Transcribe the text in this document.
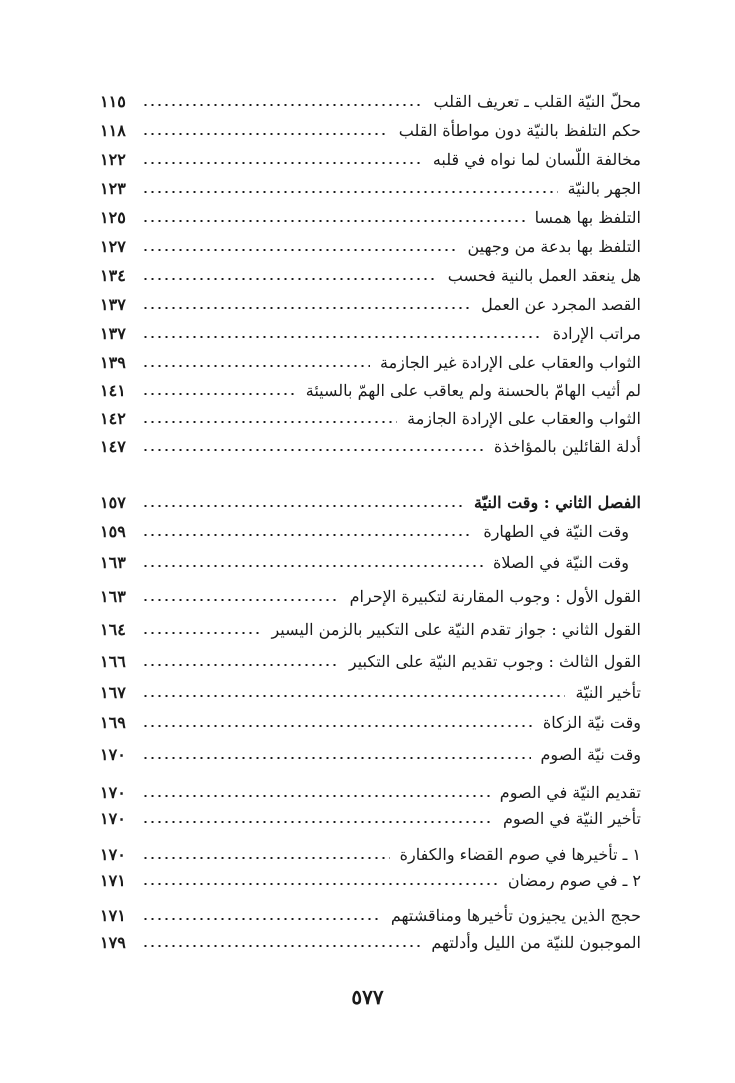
محلّ النيّة القلب ـ تعريف القلب
١١٥
حكم التلفظ بالنيّة دون مواطأة القلب
١١٨
مخالفة اللّسان لما نواه في قلبه
١٢٢
الجهر بالنيّة
١٢٣
التلفظ بها همسا
١٢٥
التلفظ بها بدعة من وجهين
١٢٧
هل ينعقد العمل بالنية فحسب
١٣٤
القصد المجرد عن العمل
١٣٧
مراتب الإرادة
١٣٧
الثواب والعقاب على الإرادة غير الجازمة
١٣٩
لم أثيب الهامّ بالحسنة ولم يعاقب على الهمّ بالسيئة
١٤١
الثواب والعقاب على الإرادة الجازمة
١٤٢
أدلة القائلين بالمؤاخذة
١٤٧
الفصل الثاني : وقت النيّة
١٥٧
وقت النيّة في الطهارة
١٥٩
وقت النيّة في الصلاة
١٦٣
القول الأول : وجوب المقارنة لتكبيرة الإحرام
١٦٣
القول الثاني : جواز تقدم النيّة على التكبير بالزمن اليسير
١٦٤
القول الثالث : وجوب تقديم النيّة على التكبير
١٦٦
تأخير النيّة
١٦٧
وقت نيّة الزكاة
١٦٩
وقت نيّة الصوم
١٧٠
تقديم النيّة في الصوم
١٧٠
تأخير النيّة في الصوم
١٧٠
١ ـ تأخيرها في صوم القضاء والكفارة
١٧٠
٢ ـ في صوم رمضان
١٧١
حجج الذين يجيزون تأخيرها ومناقشتهم
١٧١
الموجبون للنيّة من الليل وأدلتهم
١٧٩
٥٧٧
